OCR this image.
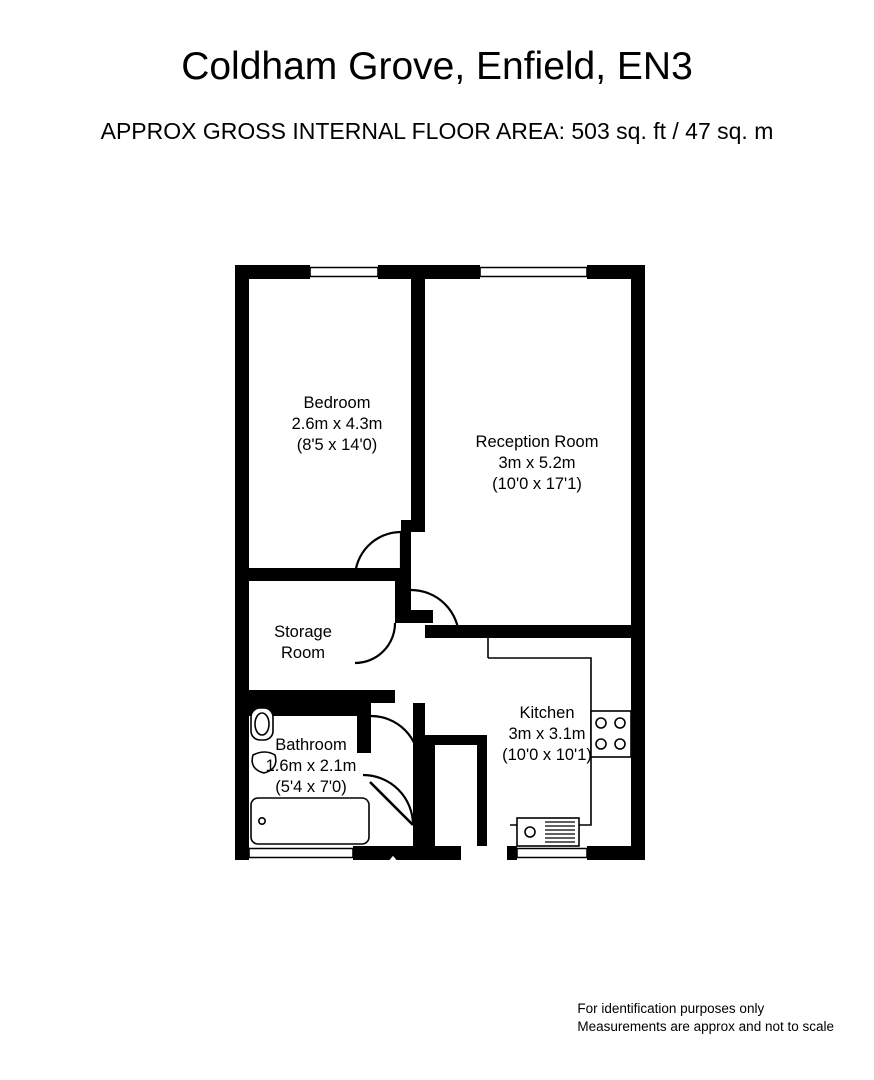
Coldham Grove, Enfield, EN3
APPROX GROSS INTERNAL FLOOR AREA: 503 sq. ft / 47 sq. m
Bedroom
2.6m x 4.3m
(8'5 x 14'0)	Reception Room
3m x 5.2m
(10'0 x 17'1)
Storage
Room
Bathroom
1.6m x 2.1m
(5'4 x 7'0)
Kitchen
3m x 3.1m
(10'0 x 10'1)
For identification purposes only
Measurements are approx and not to scale
